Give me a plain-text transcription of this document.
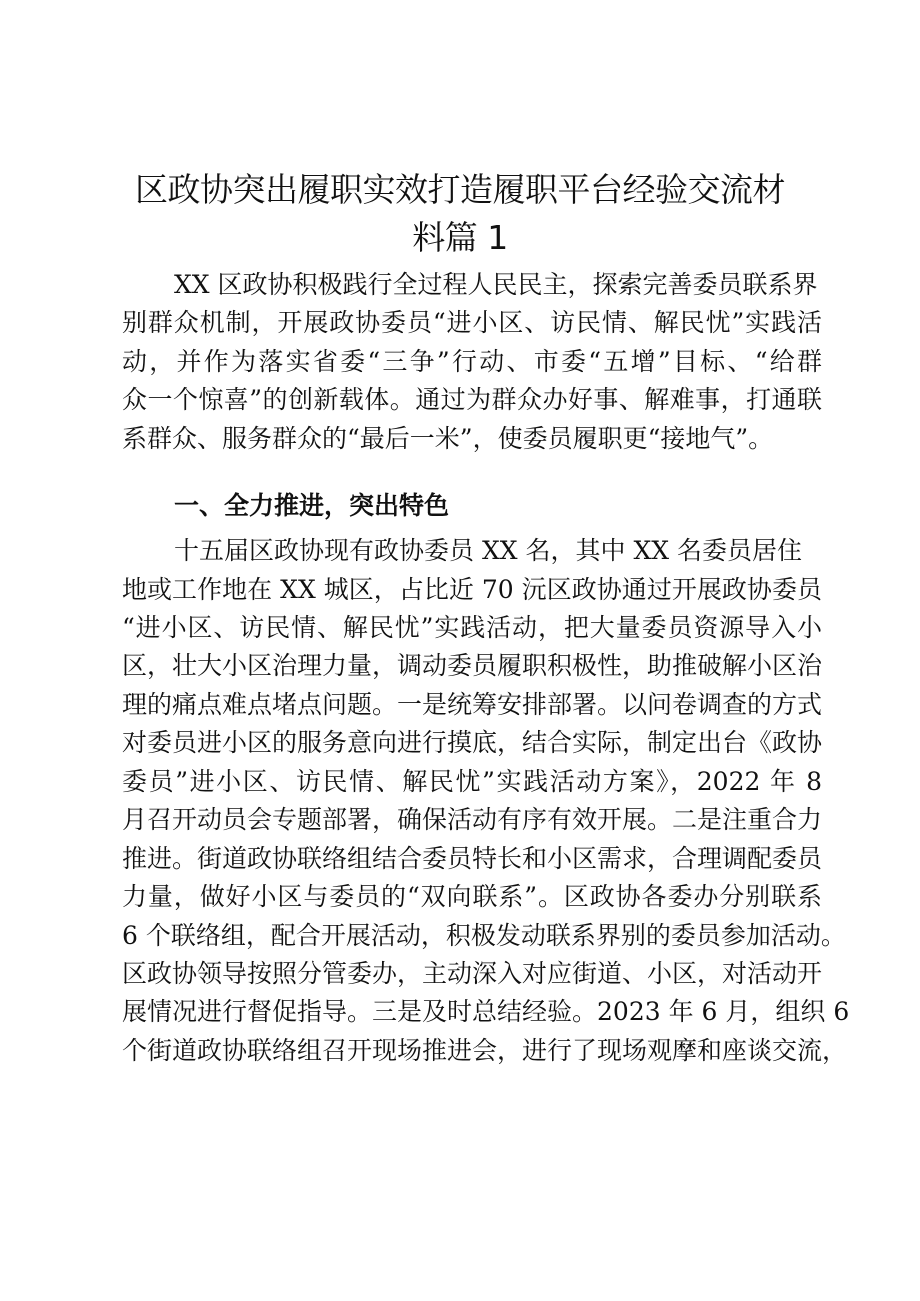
区政协突出履职实效打造履职平台经验交流材
料篇 1

XX 区政协积极践行全过程人民民主，探索完善委员联系界

别群众机制，开展政协委员“进小区、访民情、解民忧”实践活

动，并作为落实省委“三争”行动、市委“五增”目标、“给群

众一个惊喜”的创新载体。通过为群众办好事、解难事，打通联

系群众、服务群众的“最后一米”，使委员履职更“接地气”。

一、全力推进，突出特色

十五届区政协现有政协委员 XX 名，其中 XX 名委员居住

地或工作地在 XX 城区，占比近 70 沅区政协通过开展政协委员

“进小区、访民情、解民忧”实践活动，把大量委员资源导入小

区，壮大小区治理力量，调动委员履职积极性，助推破解小区治

理的痛点难点堵点问题。一是统筹安排部署。以问卷调查的方式

对委员进小区的服务意向进行摸底，结合实际，制定出台《政协

委员”进小区、访民情、解民忧”实践活动方案》，2022 年 8

月召开动员会专题部署，确保活动有序有效开展。二是注重合力

推进。街道政协联络组结合委员特长和小区需求，合理调配委员

力量，做好小区与委员的“双向联系”。区政协各委办分别联系

6 个联络组，配合开展活动，积极发动联系界别的委员参加活动。

区政协领导按照分管委办，主动深入对应街道、小区，对活动开

展情况进行督促指导。三是及时总结经验。2023 年 6 月，组织 6

个街道政协联络组召开现场推进会，进行了现场观摩和座谈交流，
